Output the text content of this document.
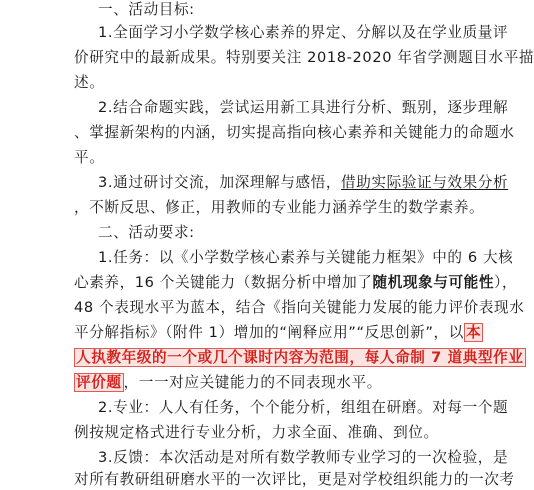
一、活动目标:
1.全面学习小学数学核心素养的界定、分解以及在学业质量评
价研究中的最新成果。特别要关注 2018-2020 年省学测题目水平描
述。
2.结合命题实践，尝试运用新工具进行分析、甄别，逐步理解
、掌握新架构的内涵，切实提高指向核心素养和关键能力的命题水
平。
3.通过研讨交流，加深理解与感悟，借助实际验证与效果分析
，不断反思、修正，用教师的专业能力涵养学生的数学素养。
二、活动要求:
1.任务：以《小学数学核心素养与关键能力框架》中的 6 大核
心素养，16 个关键能力（数据分析中增加了随机现象与可能性），
48 个表现水平为蓝本，结合《指向关键能力发展的能力评价表现水
平分解指标》（附件 1）增加的“阐释应用”“反思创新”，以 本
人执教年级的一个或几个课时内容为范围，每人命制 7 道典型作业
评价题 ，一一对应关键能力的不同表现水平。
2.专业：人人有任务，个个能分析，组组在研磨。对每一个题
例按规定格式进行专业分析，力求全面、准确、到位。
3.反馈：本次活动是对所有数学教师专业学习的一次检验，是
对所有教研组研磨水平的一次评比，更是对学校组织能力的一次考
